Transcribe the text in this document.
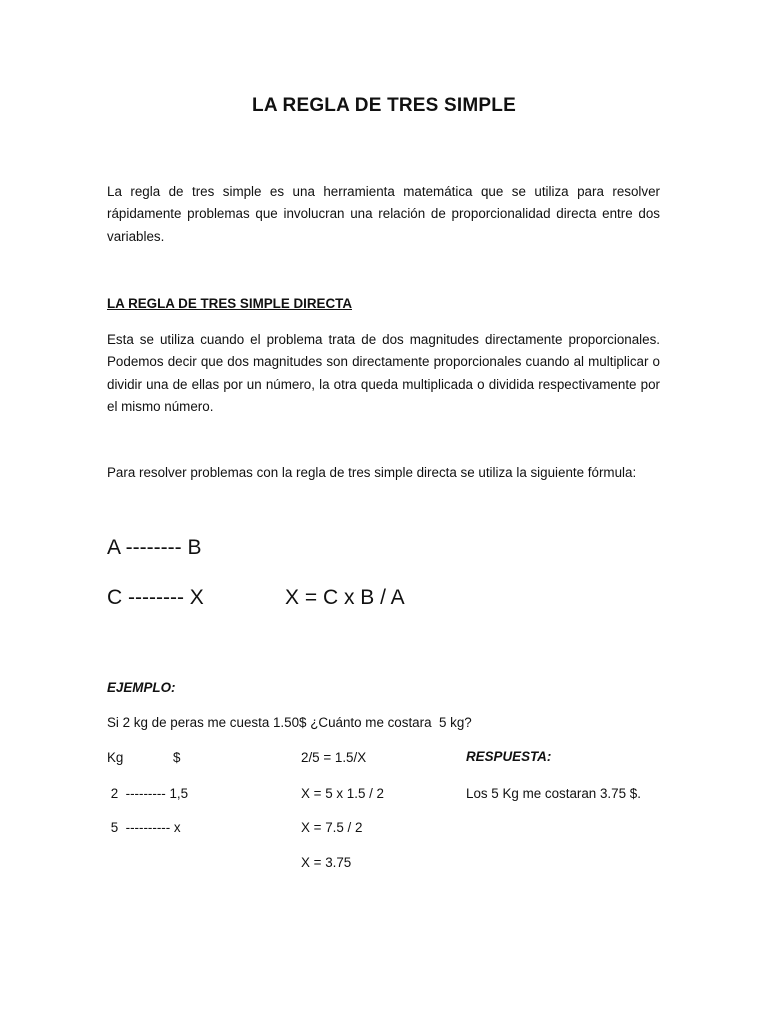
LA REGLA DE TRES SIMPLE

La regla de tres simple es una herramienta matemática que se utiliza para resolver rápidamente problemas que involucran una relación de proporcionalidad directa entre dos variables.

LA REGLA DE TRES SIMPLE DIRECTA

Esta se utiliza cuando el problema trata de dos magnitudes directamente proporcionales. Podemos decir que dos magnitudes son directamente proporcionales cuando al multiplicar o dividir una de ellas por un número, la otra queda multiplicada o dividida respectivamente por el mismo número.

Para resolver problemas con la regla de tres simple directa se utiliza la siguiente fórmula:

A -------- B
C -------- X	X = C x B / A
EJEMPLO:
Si 2 kg de peras me cuesta 1.50$ ¿Cuánto me costara  5 kg?
Kg	$
2  --------- 1,5
5  ---------- x
2/5 = 1.5/X
X = 5 x 1.5 / 2
X = 7.5 / 2
X = 3.75
RESPUESTA:
Los 5 Kg me costaran 3.75 $.
